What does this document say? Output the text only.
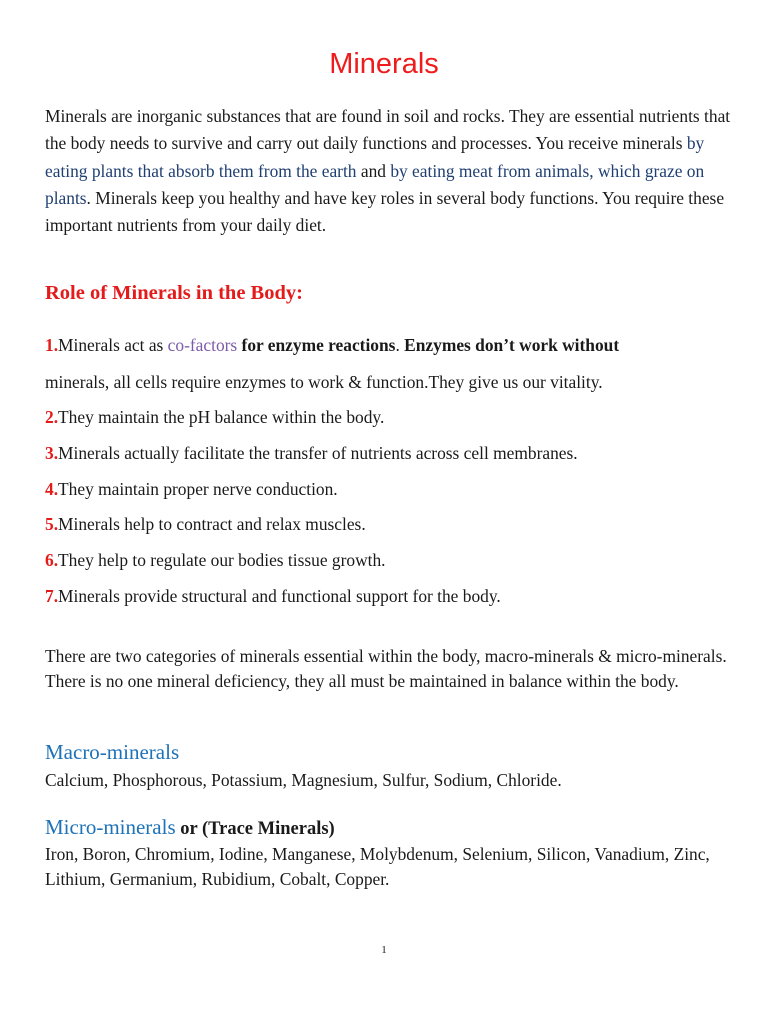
Minerals

Minerals are inorganic substances that are found in soil and rocks. They are essential nutrients that the body needs to survive and carry out daily functions and processes. You receive minerals by eating plants that absorb them from the earth and by eating meat from animals, which graze on plants. Minerals keep you healthy and have key roles in several body functions. You require these important nutrients from your daily diet.

Role of Minerals in the Body:

1.Minerals act as co-factors for enzyme reactions. Enzymes don’t work without

minerals, all cells require enzymes to work & function.They give us our vitality.

2.They maintain the pH balance within the body.

3.Minerals actually facilitate the transfer of nutrients across cell membranes.

4.They maintain proper nerve conduction.

5.Minerals help to contract and relax muscles.

6.They help to regulate our bodies tissue growth.

7.Minerals provide structural and functional support for the body.

There are two categories of minerals essential within the body, macro-minerals & micro-minerals. There is no one mineral deficiency, they all must be maintained in balance within the body.

Macro-minerals

Calcium, Phosphorous, Potassium, Magnesium, Sulfur, Sodium, Chloride.

Micro-minerals or (Trace Minerals)

Iron, Boron, Chromium, Iodine, Manganese, Molybdenum, Selenium, Silicon, Vanadium, Zinc, Lithium, Germanium, Rubidium, Cobalt, Copper.

1
